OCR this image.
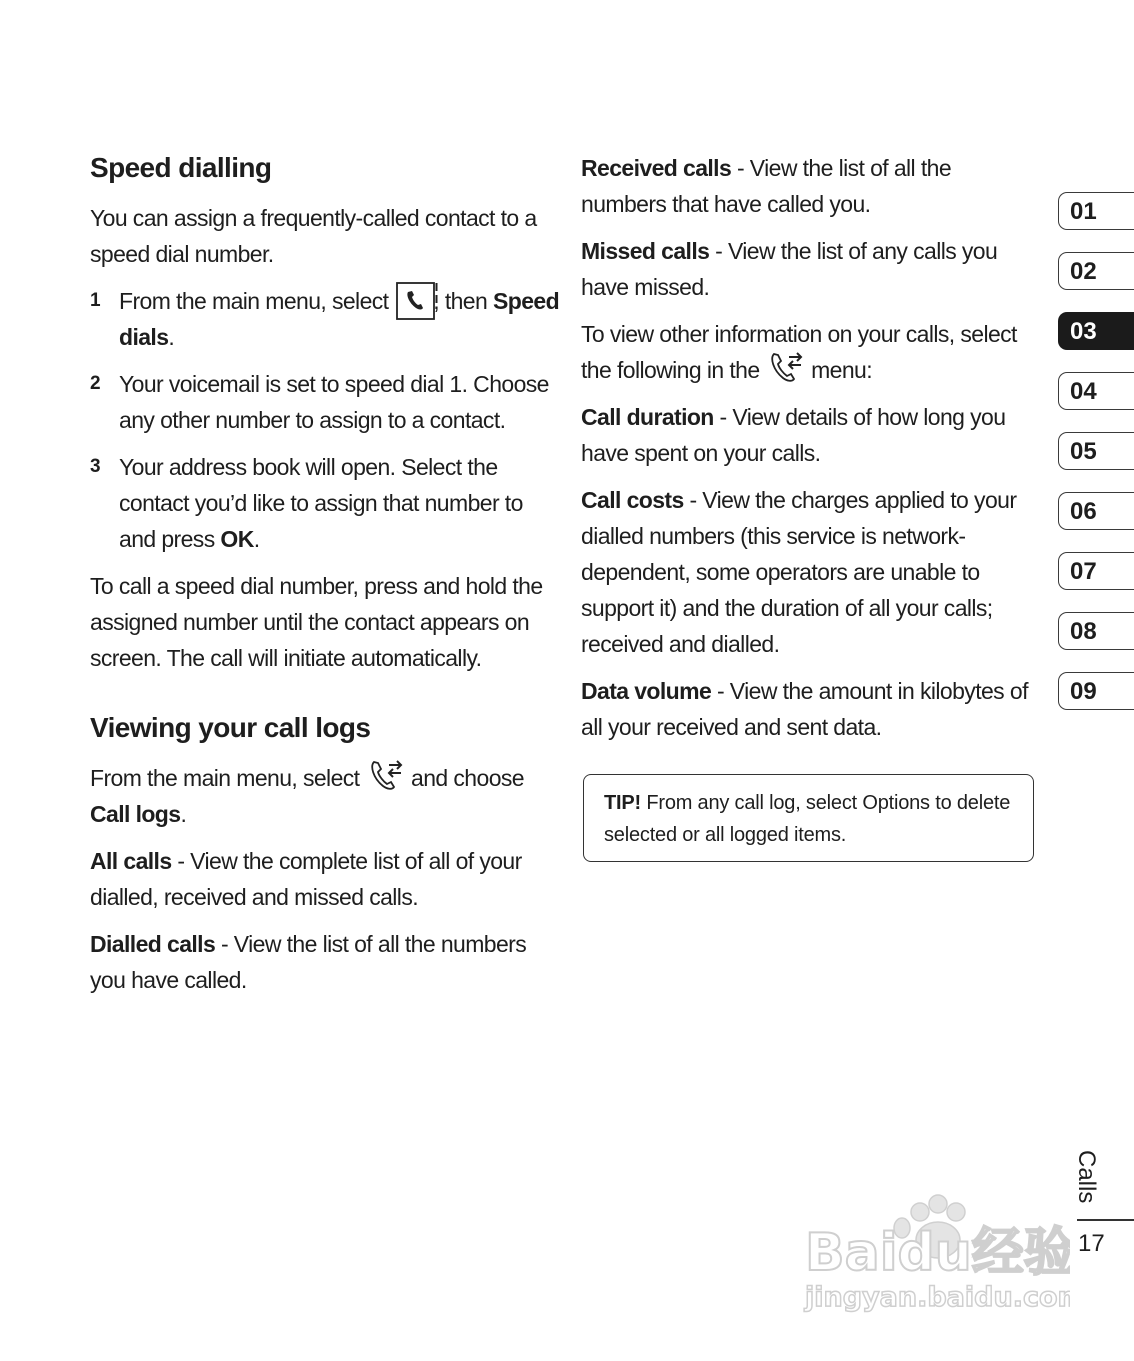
Speed dialling
You can assign a frequently-called contact to a speed dial number.
1 From the main menu, select , then Speed dials.
2 Your voicemail is set to speed dial 1. Choose any other number to assign to a contact.
3 Your address book will open. Select the contact you’d like to assign that number to and press OK.
To call a speed dial number, press and hold the assigned number until the contact appears on screen. The call will initiate automatically.
Viewing your call logs
From the main menu, select  and choose Call logs.
All calls - View the complete list of all of your dialled, received and missed calls.
Dialled calls - View the list of all the numbers you have called.
Received calls - View the list of all the numbers that have called you.
Missed calls - View the list of any calls you have missed.
To view other information on your calls, select the following in the  menu:
Call duration - View details of how long you have spent on your calls.
Call costs - View the charges applied to your dialled numbers (this service is network-dependent, some operators are unable to support it) and the duration of all your calls; received and dialled.
Data volume - View the amount in kilobytes of all your received and sent data.
TIP! From any call log, select Options to delete selected or all logged items.
01
02
03
04
05
06
07
08
09
Baidu经验
jingyan.baidu.com
Calls
17
